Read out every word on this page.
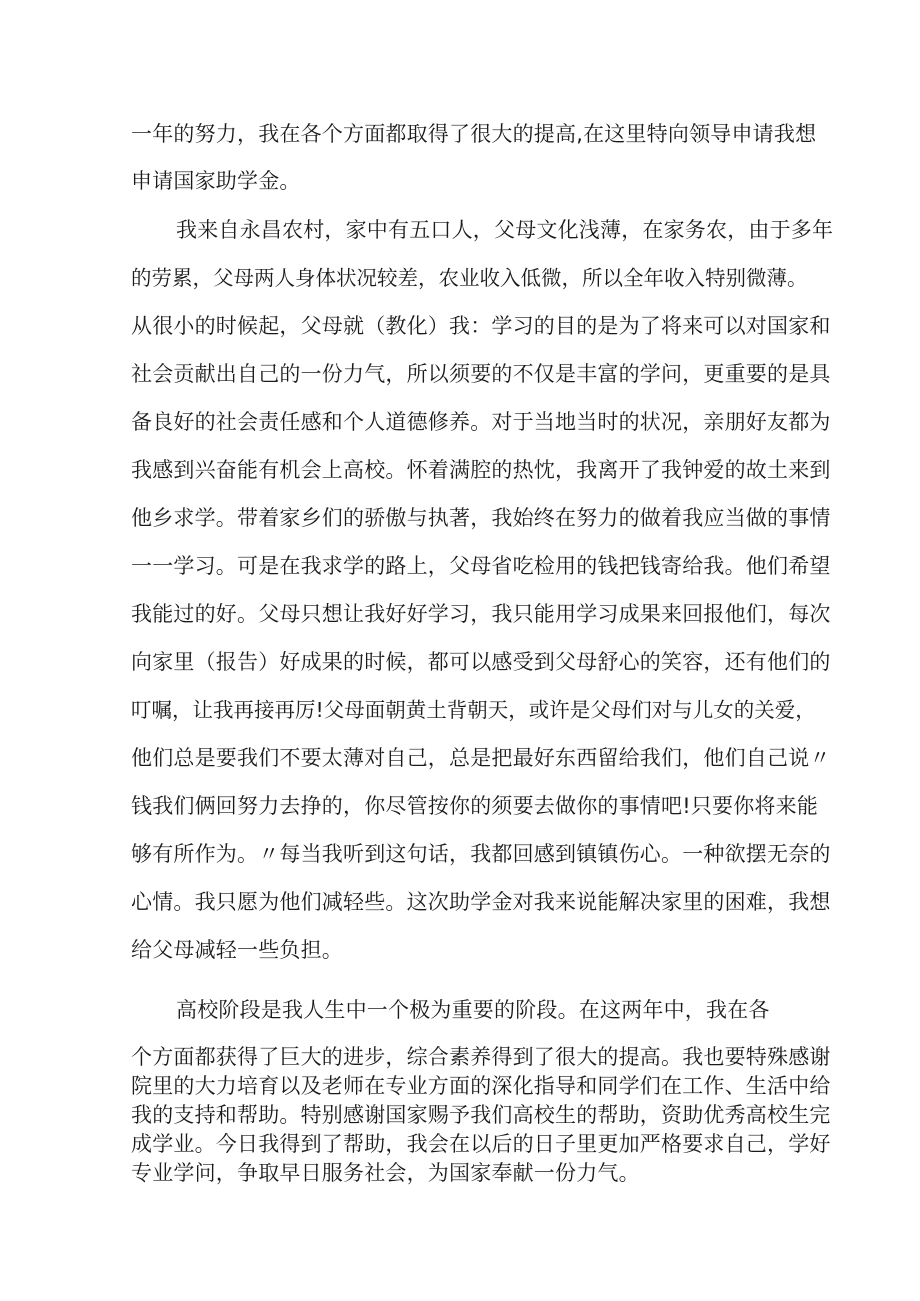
一年的努力，我在各个方面都取得了很大的提高,在这里特向领导申请我想
申请国家助学金。
我来自永昌农村，家中有五口人，父母文化浅薄，在家务农，由于多年
的劳累，父母两人身体状况较差，农业收入低微，所以全年收入特别微薄。
从很小的时候起，父母就（教化）我：学习的目的是为了将来可以对国家和
社会贡献出自己的一份力气，所以须要的不仅是丰富的学问，更重要的是具
备良好的社会责任感和个人道德修养。对于当地当时的状况，亲朋好友都为
我感到兴奋能有机会上高校。怀着满腔的热忱，我离开了我钟爱的故土来到
他乡求学。带着家乡们的骄傲与执著，我始终在努力的做着我应当做的事情
一一学习。可是在我求学的路上，父母省吃检用的钱把钱寄给我。他们希望
我能过的好。父母只想让我好好学习，我只能用学习成果来回报他们，每次
向家里（报告）好成果的时候，都可以感受到父母舒心的笑容，还有他们的
叮嘱，让我再接再厉!父母面朝黄土背朝天，或许是父母们对与儿女的关爱，
他们总是要我们不要太薄对自己，总是把最好东西留给我们，他们自己说〃
钱我们俩回努力去挣的，你尽管按你的须要去做你的事情吧!只要你将来能
够有所作为。〃每当我听到这句话，我都回感到镇镇伤心。一种欲摆无奈的
心情。我只愿为他们减轻些。这次助学金对我来说能解决家里的困难，我想
给父母减轻一些负担。
高校阶段是我人生中一个极为重要的阶段。在这两年中，我在各
个方面都获得了巨大的进步，综合素养得到了很大的提高。我也要特殊感谢
院里的大力培育以及老师在专业方面的深化指导和同学们在工作、生活中给
我的支持和帮助。特别感谢国家赐予我们高校生的帮助，资助优秀高校生完
成学业。今日我得到了帮助，我会在以后的日子里更加严格要求自己，学好
专业学问，争取早日服务社会，为国家奉献一份力气。
